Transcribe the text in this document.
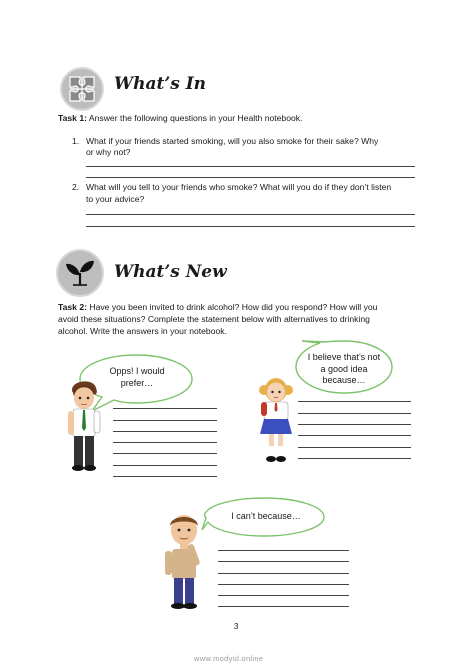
What’s In
Task 1: Answer the following questions in your Health notebook.
1. What if your friends started smoking, will you also smoke for their sake? Why
or why not?
2. What will you tell to your friends who smoke? What will you do if they don’t listen
to your advice?
What’s New
Task 2: Have you been invited to drink alcohol? How did you respond? How will you
avoid these situations? Complete the statement below with alternatives to drinking
alcohol. Write the answers in your notebook.
Opps! I would
prefer…
I believe that’s not
a good idea
because…
I can’t because…
3
www.modyul.online
